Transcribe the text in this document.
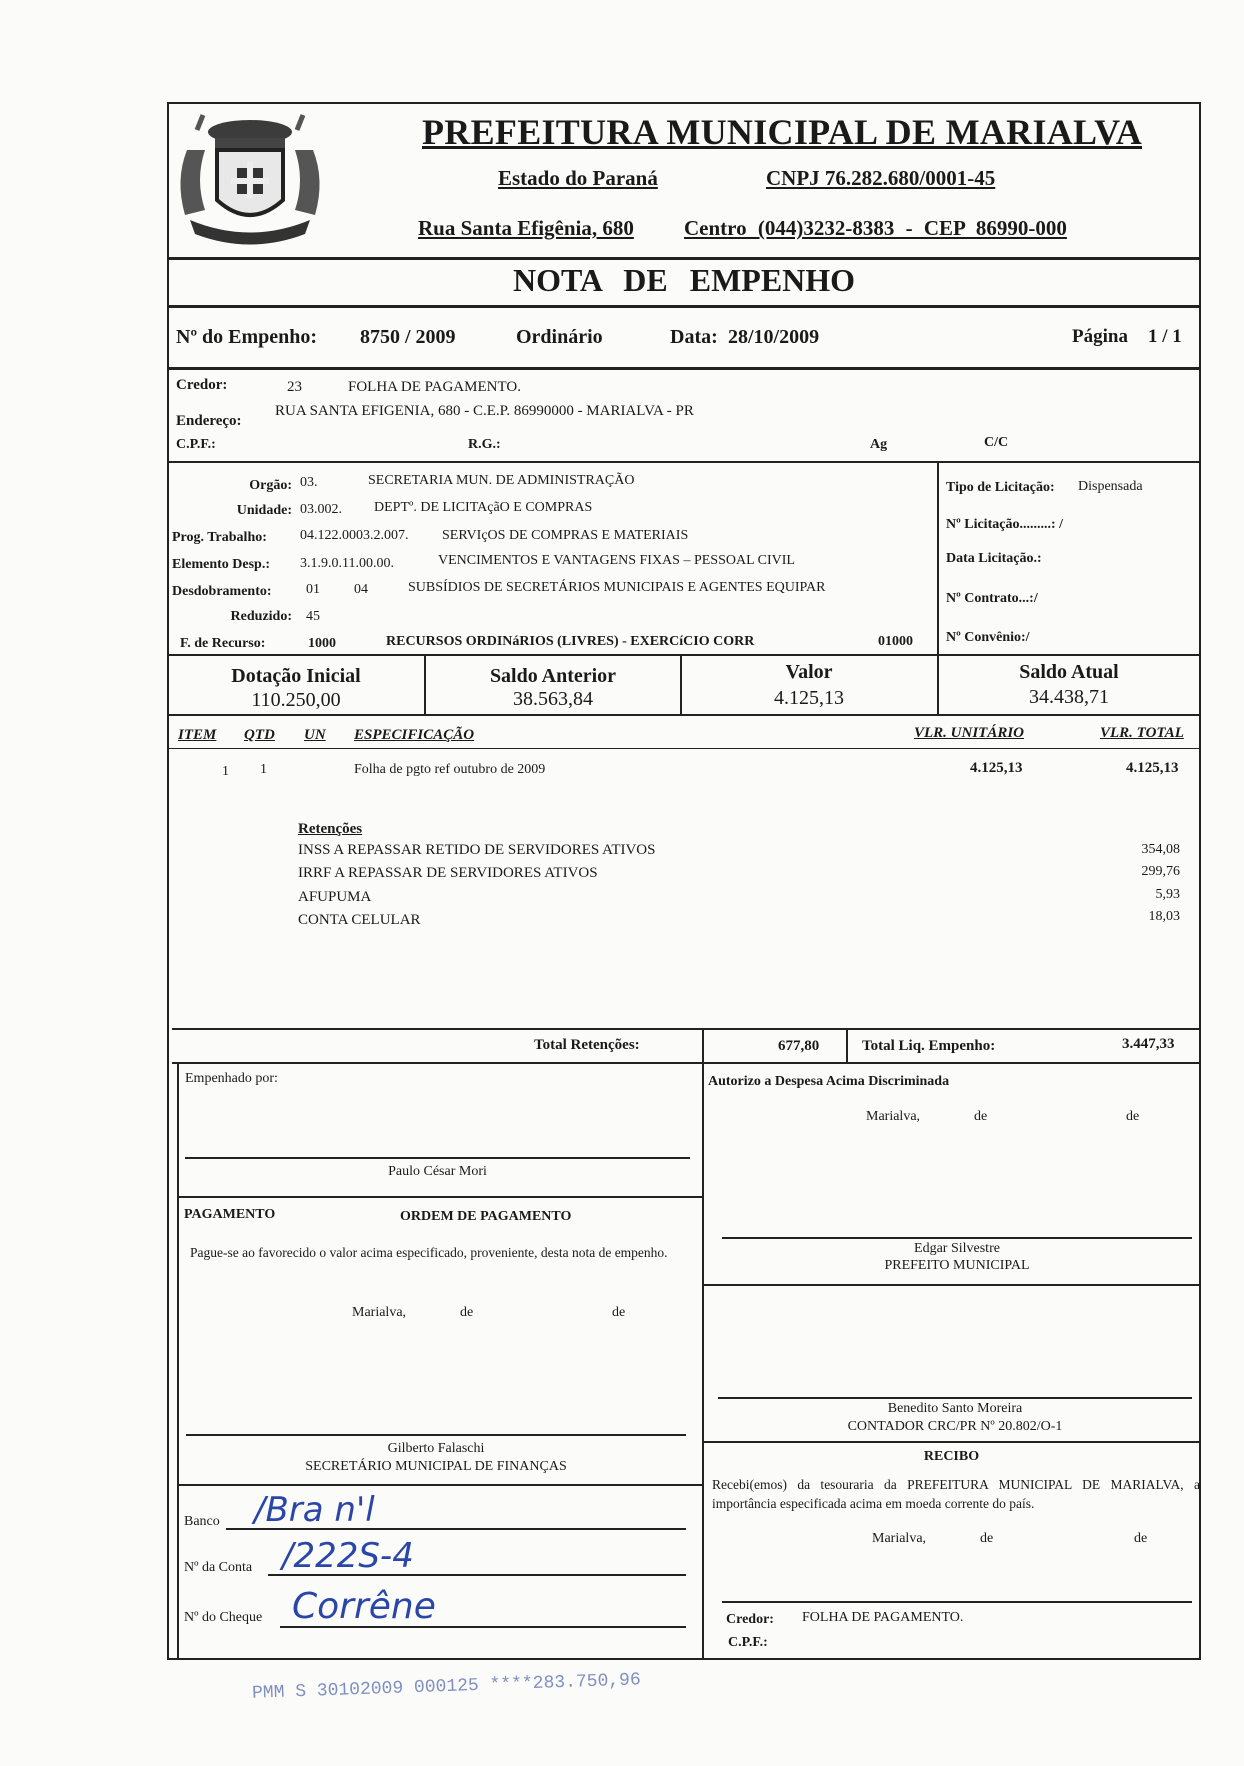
PREFEITURA MUNICIPAL DE MARIALVA
Estado do Paraná	CNPJ 76.282.680/0001-45
Rua Santa Efigênia, 680 Centro (044)3232-8383 - CEP 86990-000
NOTA DE EMPENHO
Nº do Empenho: 8750 / 2009	Ordinário	Data: 28/10/2009	Página 1 / 1
Credor:	23	FOLHA DE PAGAMENTO.
Endereço:
RUA SANTA EFIGENIA, 680 - C.E.P. 86990000 - MARIALVA - PR
C.P.F.:	R.G.:	Ag	C/C
Orgão: 03.	SECRETARIA MUN. DE ADMINISTRAÇÃO
Unidade: 03.002. DEPTº. DE LICITAçãO E COMPRAS
Prog. Trabalho: 04.122.0003.2.007. SERVIçOS DE COMPRAS E MATERIAIS
Elemento Desp.: 3.1.9.0.11.00.00.	VENCIMENTOS E VANTAGENS FIXAS – PESSOAL CIVIL
Desdobramento: 01 04	SUBSÍDIOS DE SECRETÁRIOS MUNICIPAIS E AGENTES EQUIPAR
Reduzido: 45
F. de Recurso:	1000	RECURSOS ORDINáRIOS (LIVRES) - EXERCíCIO CORR	01000
Tipo de Licitação: Dispensada
Nº Licitação.........: /
Data Licitação.:
Nº Contrato...:/
Nº Convênio:/
Dotação Inicial
110.250,00
Saldo Anterior
38.563,84
Valor
4.125,13
Saldo Atual
34.438,71
ITEM QTD UN ESPECIFICAÇÃO	VLR. UNITÁRIO	VLR. TOTAL
1 1	Folha de pgto ref outubro de 2009	4.125,13	4.125,13
Retenções
INSS A REPASSAR RETIDO DE SERVIDORES ATIVOS	354,08
IRRF A REPASSAR DE SERVIDORES ATIVOS	299,76
AFUPUMA	5,93
CONTA CELULAR	18,03
Total Retenções:	677,80	Total Liq. Empenho:	3.447,33
Empenhado por:
Paulo César Mori
Autorizo a Despesa Acima Discriminada
Marialva,	de	de
PAGAMENTO	ORDEM DE PAGAMENTO
Pague-se ao favorecido o valor acima especificado, proveniente, desta nota de empenho.
Marialva,	de	de
Edgar Silvestre
PREFEITO MUNICIPAL
Benedito Santo Moreira
CONTADOR CRC/PR Nº 20.802/O-1
Gilberto Falaschi
SECRETÁRIO MUNICIPAL DE FINANÇAS
RECIBO
Recebi(emos) da tesouraria da PREFEITURA MUNICIPAL DE MARIALVA, a importância especificada acima em moeda corrente do país.
Marialva,	de	de
Credor: FOLHA DE PAGAMENTO.
C.P.F.:
Banco /Bra n'l
Nº da Conta /222S-4
Nº do Cheque Corrêne
PMM S 30102009 000125 ****283.750,96
